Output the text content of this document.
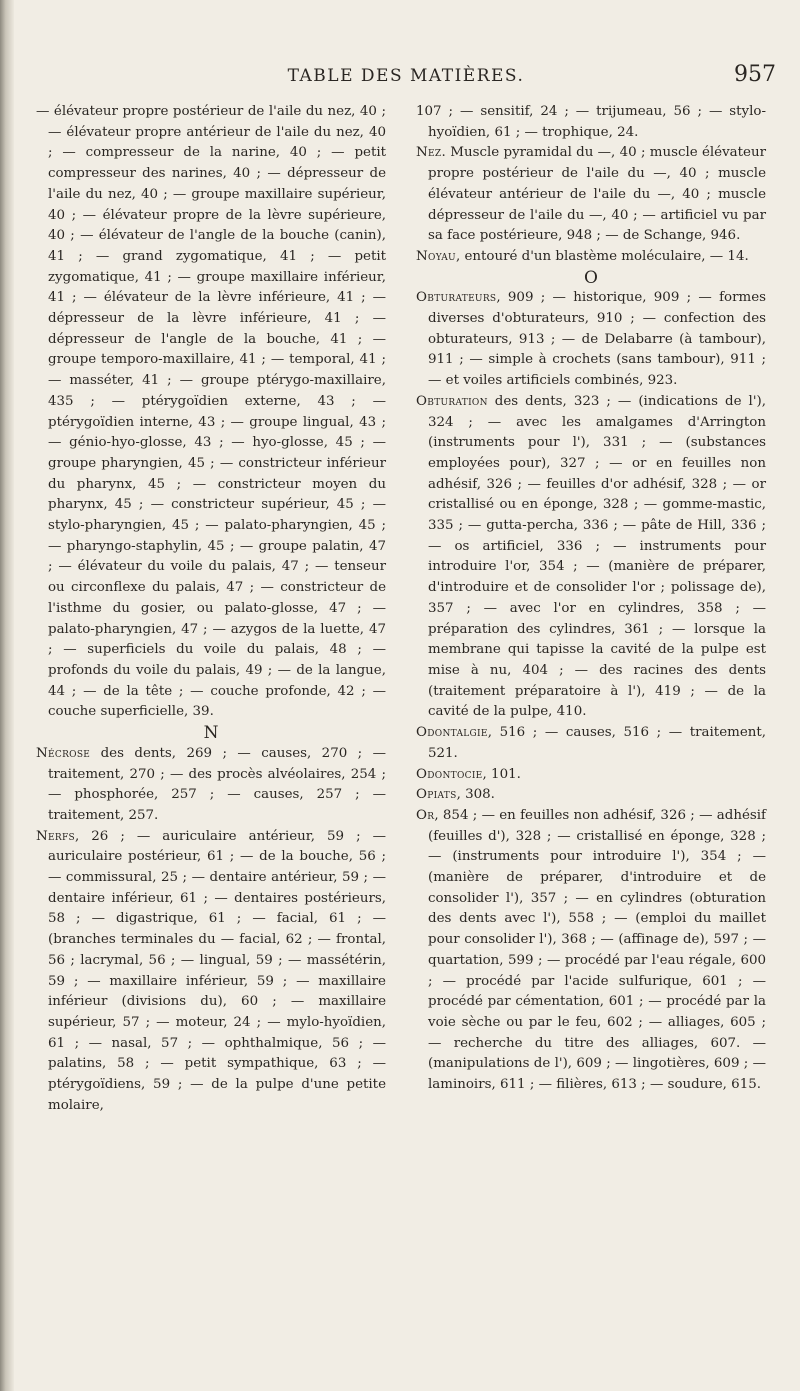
TABLE DES MATIÈRES.	957

— élévateur propre postérieur de l'aile du nez, 40 ; — élévateur propre antérieur de l'aile du nez, 40 ; — compresseur de la narine, 40 ; — petit compresseur des narines, 40 ; — dépresseur de l'aile du nez, 40 ; — groupe maxillaire supérieur, 40 ; — élévateur propre de la lèvre supérieure, 40 ; — élévateur de l'angle de la bouche (canin), 41 ; — grand zygomatique, 41 ; — petit zygomatique, 41 ; — groupe maxillaire inférieur, 41 ; — élévateur de la lèvre inférieure, 41 ; — dépresseur de la lèvre inférieure, 41 ; — dépresseur de l'angle de la bouche, 41 ; — groupe temporo-maxillaire, 41 ; — temporal, 41 ; — masséter, 41 ; — groupe ptérygo-maxillaire, 435 ; — ptérygoïdien externe, 43 ; — ptérygoïdien interne, 43 ; — groupe lingual, 43 ; — génio-hyo-glosse, 43 ; — hyo-glosse, 45 ; — groupe pharyngien, 45 ; — constricteur inférieur du pharynx, 45 ; — constricteur moyen du pharynx, 45 ; — constricteur supérieur, 45 ; — stylo-pharyngien, 45 ; — palato-pharyngien, 45 ; — pharyngo-staphylin, 45 ; — groupe palatin, 47 ; — élévateur du voile du palais, 47 ; — tenseur ou circonflexe du palais, 47 ; — constricteur de l'isthme du gosier, ou palato-glosse, 47 ; — palato-pharyngien, 47 ; — azygos de la luette, 47 ; — superficiels du voile du palais, 48 ; — profonds du voile du palais, 49 ; — de la langue, 44 ; — de la tête ; — couche profonde, 42 ; — couche superficielle, 39.

N

Nécrose des dents, 269 ; — causes, 270 ; — traitement, 270 ; — des procès alvéolaires, 254 ; — phosphorée, 257 ; — causes, 257 ; — traitement, 257.

Nerfs, 26 ; — auriculaire antérieur, 59 ; — auriculaire postérieur, 61 ; — de la bouche, 56 ; — commissural, 25 ; — dentaire antérieur, 59 ; — dentaire inférieur, 61 ; — dentaires postérieurs, 58 ; — digastrique, 61 ; — facial, 61 ; — (branches terminales du — facial, 62 ; — frontal, 56 ; lacrymal, 56 ; — lingual, 59 ; — massétérin, 59 ; — maxillaire inférieur, 59 ; — maxillaire inférieur (divisions du), 60 ; — maxillaire supérieur, 57 ; — moteur, 24 ; — mylo-hyoïdien, 61 ; — nasal, 57 ; — ophthalmique, 56 ; — palatins, 58 ; — petit sympathique, 63 ; — ptérygoïdiens, 59 ; — de la pulpe d'une petite molaire,

107 ; — sensitif, 24 ; — trijumeau, 56 ; — stylo-hyoïdien, 61 ; — trophique, 24.

Nez. Muscle pyramidal du —, 40 ; muscle élévateur propre postérieur de l'aile du —, 40 ; muscle élévateur antérieur de l'aile du —, 40 ; muscle dépresseur de l'aile du —, 40 ; — artificiel vu par sa face postérieure, 948 ; — de Schange, 946.

Noyau, entouré d'un blastème moléculaire, — 14.

O

Obturateurs, 909 ; — historique, 909 ; — formes diverses d'obturateurs, 910 ; — confection des obturateurs, 913 ; — de Delabarre (à tambour), 911 ; — simple à crochets (sans tambour), 911 ; — et voiles artificiels combinés, 923.

Obturation des dents, 323 ; — (indications de l'), 324 ; — avec les amalgames d'Arrington (instruments pour l'), 331 ; — (substances employées pour), 327 ; — or en feuilles non adhésif, 326 ; — feuilles d'or adhésif, 328 ; — or cristallisé ou en éponge, 328 ; — gomme-mastic, 335 ; — gutta-percha, 336 ; — pâte de Hill, 336 ; — os artificiel, 336 ; — instruments pour introduire l'or, 354 ; — (manière de préparer, d'introduire et de consolider l'or ; polissage de), 357 ; — avec l'or en cylindres, 358 ; — préparation des cylindres, 361 ; — lorsque la membrane qui tapisse la cavité de la pulpe est mise à nu, 404 ; — des racines des dents (traitement préparatoire à l'), 419 ; — de la cavité de la pulpe, 410.

Odontalgie, 516 ; — causes, 516 ; — traitement, 521.

Odontocie, 101.

Opiats, 308.

Or, 854 ; — en feuilles non adhésif, 326 ; — adhésif (feuilles d'), 328 ; — cristallisé en éponge, 328 ; — (instruments pour introduire l'), 354 ; — (manière de préparer, d'introduire et de consolider l'), 357 ; — en cylindres (obturation des dents avec l'), 558 ; — (emploi du maillet pour consolider l'), 368 ; — (affinage de), 597 ; — quartation, 599 ; — procédé par l'eau régale, 600 ; — procédé par l'acide sulfurique, 601 ; — procédé par cémentation, 601 ; — procédé par la voie sèche ou par le feu, 602 ; — alliages, 605 ; — recherche du titre des alliages, 607. — (manipulations de l'), 609 ; — lingotières, 609 ; — laminoirs, 611 ; — filières, 613 ; — soudure, 615.
